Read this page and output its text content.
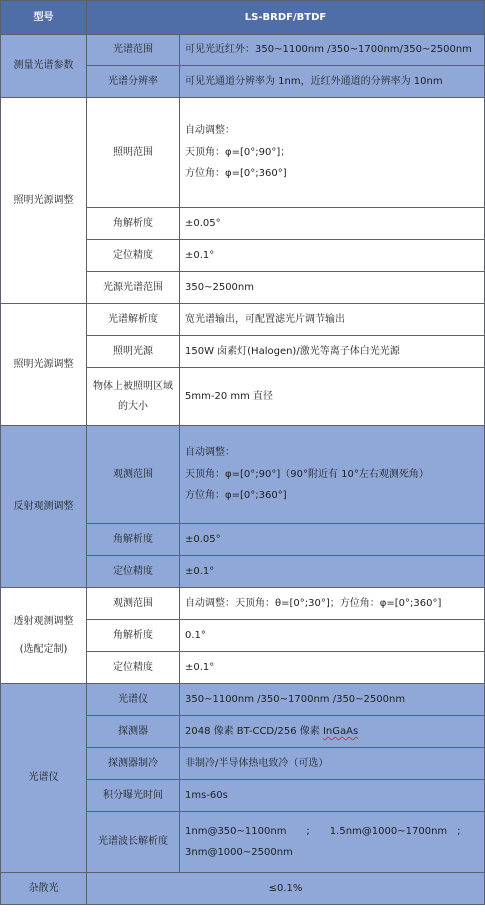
型号	LS-BRDF/BTDF	
测量光谱参数	光谱范围	可见光近红外：350~1100nm /350~1700nm/350~2500nm
	光谱分辨率	可见光通道分辨率为 1nm，近红外通道的分辨率为 10nm
照明光源调整	照明范围	自动调整：
天顶角：φ=[0°;90°]；
方位角：φ=[0°;360°]

	角解析度	±0.05°
	定位精度	±0.1°
	光源光谱范围	350~2500nm
照明光源调整	光谱解析度	宽光谱输出，可配置滤光片调节输出
	照明光源	150W 卤素灯(Halogen)/激光等离子体白光光源
	物体上被照明区域的大小	5mm-20 mm 直径
反射观测调整	观测范围	自动调整：
天顶角：φ=[0°;90°]（90°附近有 10°左右观测死角）
方位角：φ=[0°;360°]

	角解析度	±0.05°
	定位精度	±0.1°
透射观测调整
(选配定制)	观测范围	自动调整：天顶角：θ=[0°;30°]；方位角：φ=[0°;360°]
	角解析度	0.1°
	定位精度	±0.1°
光谱仪	光谱仪	350~1100nm /350~1700nm /350~2500nm
	探测器	2048 像素 BT-CCD/256 像素 InGaAs
	探测器制冷	非制冷/半导体热电致冷（可选）
	积分曝光时间	1ms-60s
	光谱波长解析度	1nm@350~1100nm　　;　　1.5nm@1000~1700nm　;
3nm@1000~2500nm

杂散光	≤0.1%	
